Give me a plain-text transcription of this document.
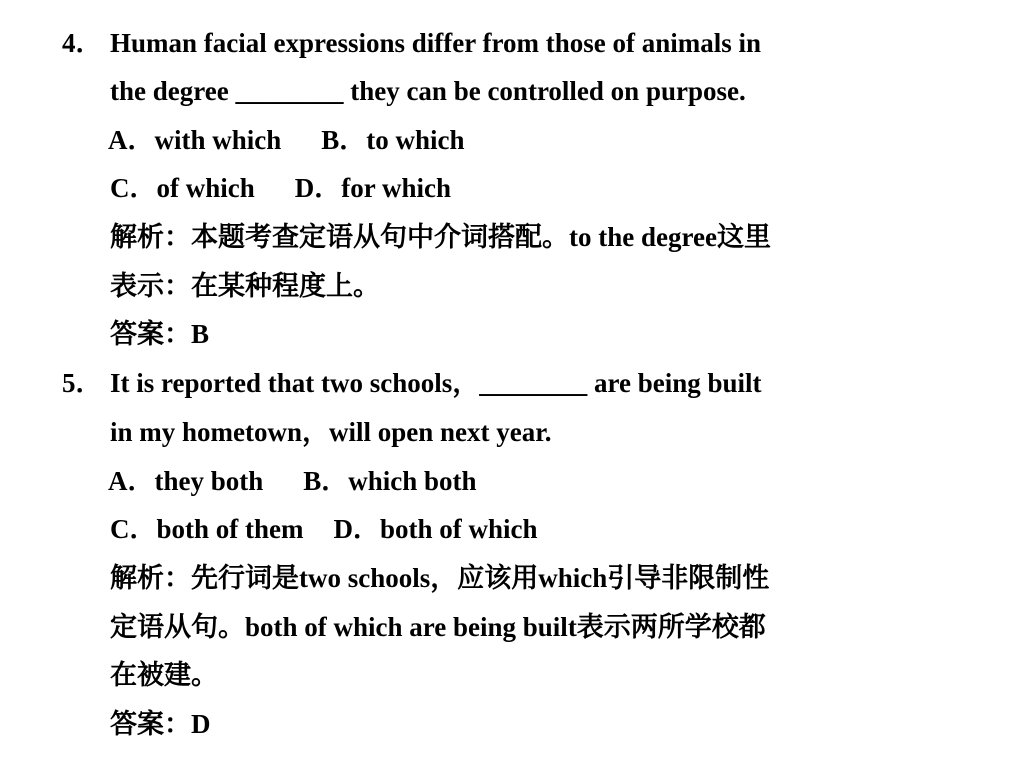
4． Human facial expressions differ from those of animals in
the degree ________ they can be controlled on purpose.
A．with which B．to which
C．of which D．for which
解析：本题考查定语从句中介词搭配。to the degree这里
表示：在某种程度上。
答案：B
5． It is reported that two schools，________ are being built
in my hometown，will open next year.
A．they both B．which both
C．both of them D．both of which
解析：先行词是two schools，应该用which引导非限制性
定语从句。both of which are being built表示两所学校都
在被建。
答案：D
